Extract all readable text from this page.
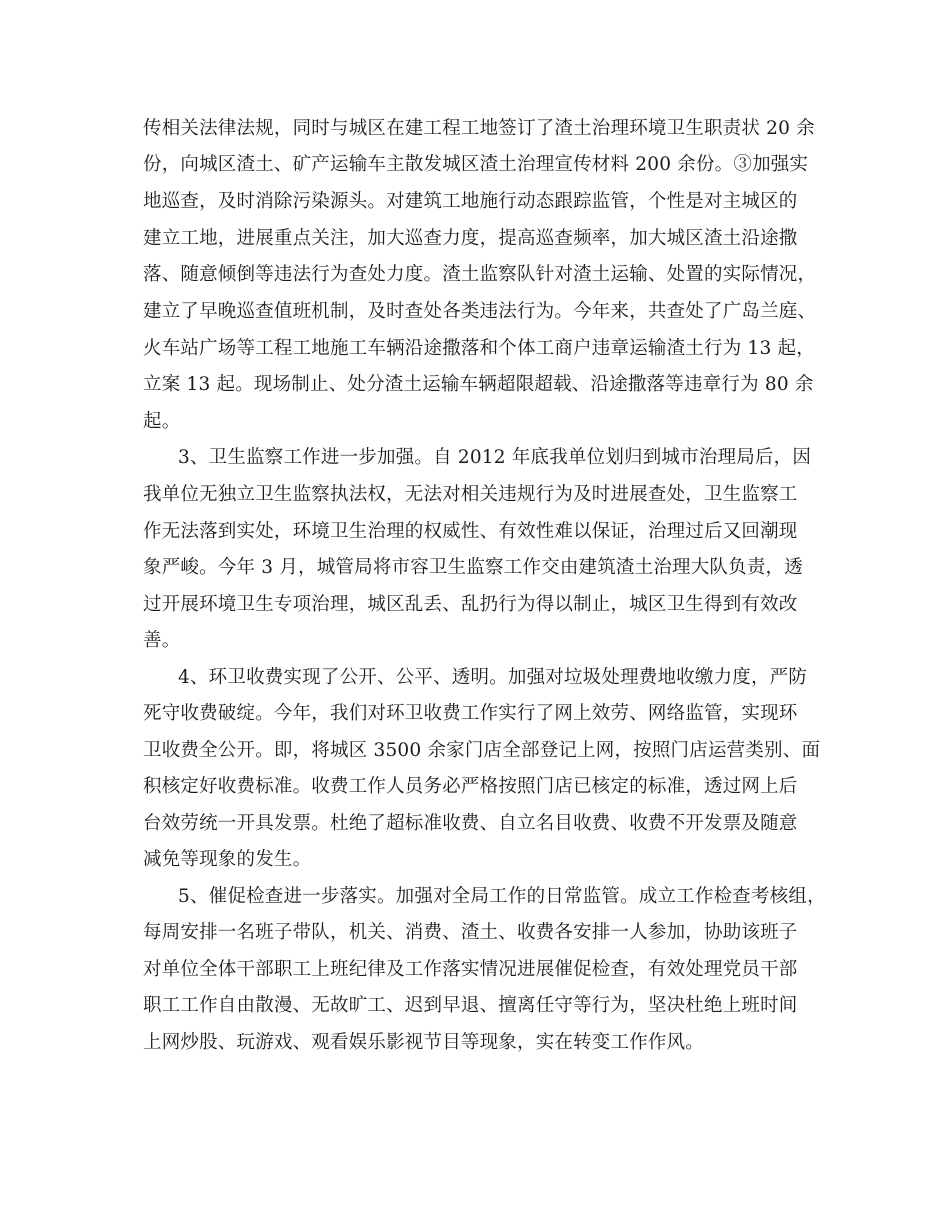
传相关法律法规，同时与城区在建工程工地签订了渣土治理环境卫生职责状 20 余
份，向城区渣土、矿产运输车主散发城区渣土治理宣传材料 200 余份。③加强实
地巡查，及时消除污染源头。对建筑工地施行动态跟踪监管，个性是对主城区的
建立工地，进展重点关注，加大巡查力度，提高巡查频率，加大城区渣土沿途撒
落、随意倾倒等违法行为查处力度。渣土监察队针对渣土运输、处置的实际情况，
建立了早晚巡查值班机制，及时查处各类违法行为。今年来，共查处了广岛兰庭、
火车站广场等工程工地施工车辆沿途撒落和个体工商户违章运输渣土行为 13 起，
立案 13 起。现场制止、处分渣土运输车辆超限超载、沿途撒落等违章行为 80 余
起。
3、卫生监察工作进一步加强。自 2012 年底我单位划归到城市治理局后，因
我单位无独立卫生监察执法权，无法对相关违规行为及时进展查处，卫生监察工
作无法落到实处，环境卫生治理的权威性、有效性难以保证，治理过后又回潮现
象严峻。今年 3 月，城管局将市容卫生监察工作交由建筑渣土治理大队负责，透
过开展环境卫生专项治理，城区乱丢、乱扔行为得以制止，城区卫生得到有效改
善。
4、环卫收费实现了公开、公平、透明。加强对垃圾处理费地收缴力度，严防
死守收费破绽。今年，我们对环卫收费工作实行了网上效劳、网络监管，实现环
卫收费全公开。即，将城区 3500 余家门店全部登记上网，按照门店运营类别、面
积核定好收费标准。收费工作人员务必严格按照门店已核定的标准，透过网上后
台效劳统一开具发票。杜绝了超标准收费、自立名目收费、收费不开发票及随意
减免等现象的发生。
5、催促检查进一步落实。加强对全局工作的日常监管。成立工作检查考核组，
每周安排一名班子带队，机关、消费、渣土、收费各安排一人参加，协助该班子
对单位全体干部职工上班纪律及工作落实情况进展催促检查，有效处理党员干部
职工工作自由散漫、无故旷工、迟到早退、擅离任守等行为，坚决杜绝上班时间
上网炒股、玩游戏、观看娱乐影视节目等现象，实在转变工作作风。
